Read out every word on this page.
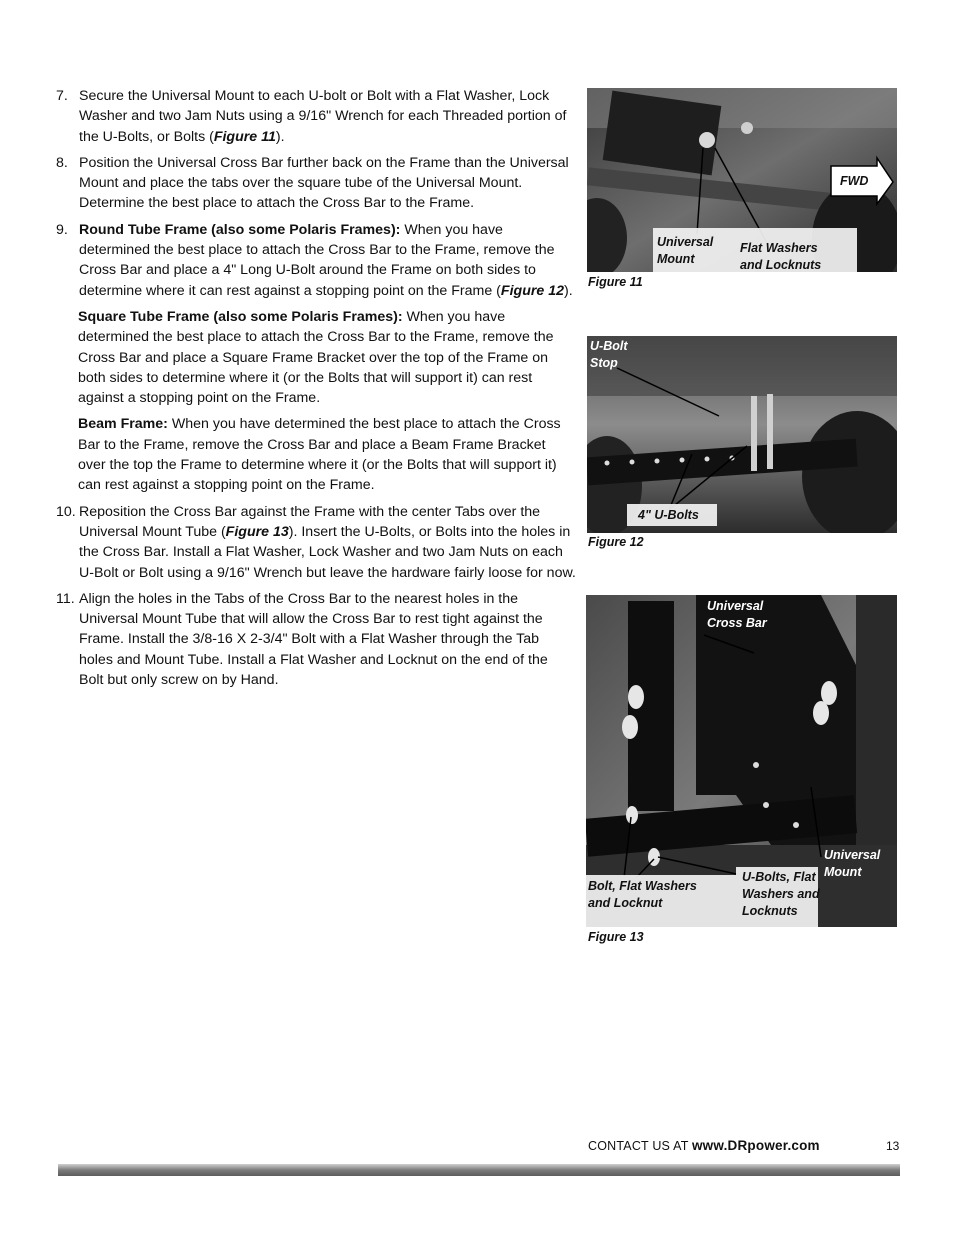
7. Secure the Universal Mount to each U-bolt or Bolt with a Flat Washer, Lock Washer and two Jam Nuts using a 9/16" Wrench for each Threaded portion of the U-Bolts, or Bolts (Figure 11).
8. Position the Universal Cross Bar further back on the Frame than the Universal Mount and place the tabs over the square tube of the Universal Mount. Determine the best place to attach the Cross Bar to the Frame.
9. Round Tube Frame (also some Polaris Frames): When you have determined the best place to attach the Cross Bar to the Frame, remove the Cross Bar and place a 4" Long U-Bolt around the Frame on both sides to determine where it can rest against a stopping point on the Frame (Figure 12).
Square Tube Frame (also some Polaris Frames): When you have determined the best place to attach the Cross Bar to the Frame, remove the Cross Bar and place a Square Frame Bracket over the top of the Frame on both sides to determine where it (or the Bolts that will support it) can rest against a stopping point on the Frame.
Beam Frame: When you have determined the best place to attach the Cross Bar to the Frame, remove the Cross Bar and place a Beam Frame Bracket over the top the Frame to determine where it (or the Bolts that will support it) can rest against a stopping point on the Frame.
10. Reposition the Cross Bar against the Frame with the center Tabs over the Universal Mount Tube (Figure 13). Insert the U-Bolts, or Bolts into the holes in the Cross Bar. Install a Flat Washer, Lock Washer and two Jam Nuts on each U-Bolt or Bolt using a 9/16" Wrench but leave the hardware fairly loose for now.
11. Align the holes in the Tabs of the Cross Bar to the nearest holes in the Universal Mount Tube that will allow the Cross Bar to rest tight against the Frame. Install the 3/8-16 X 2-3/4" Bolt with a Flat Washer through the Tab holes and Mount Tube. Install a Flat Washer and Locknut on the end of the Bolt but only screw on by Hand.
Universal
Mount
Flat Washers
and Locknuts
FWD
Figure 11
U-Bolt
Stop
4" U-Bolts
Figure 12
Universal
Cross Bar
Universal
Mount
U-Bolts, Flat
Washers and
Locknuts
Bolt, Flat Washers
and Locknut
Figure 13
CONTACT US AT www.DRpower.com	13
